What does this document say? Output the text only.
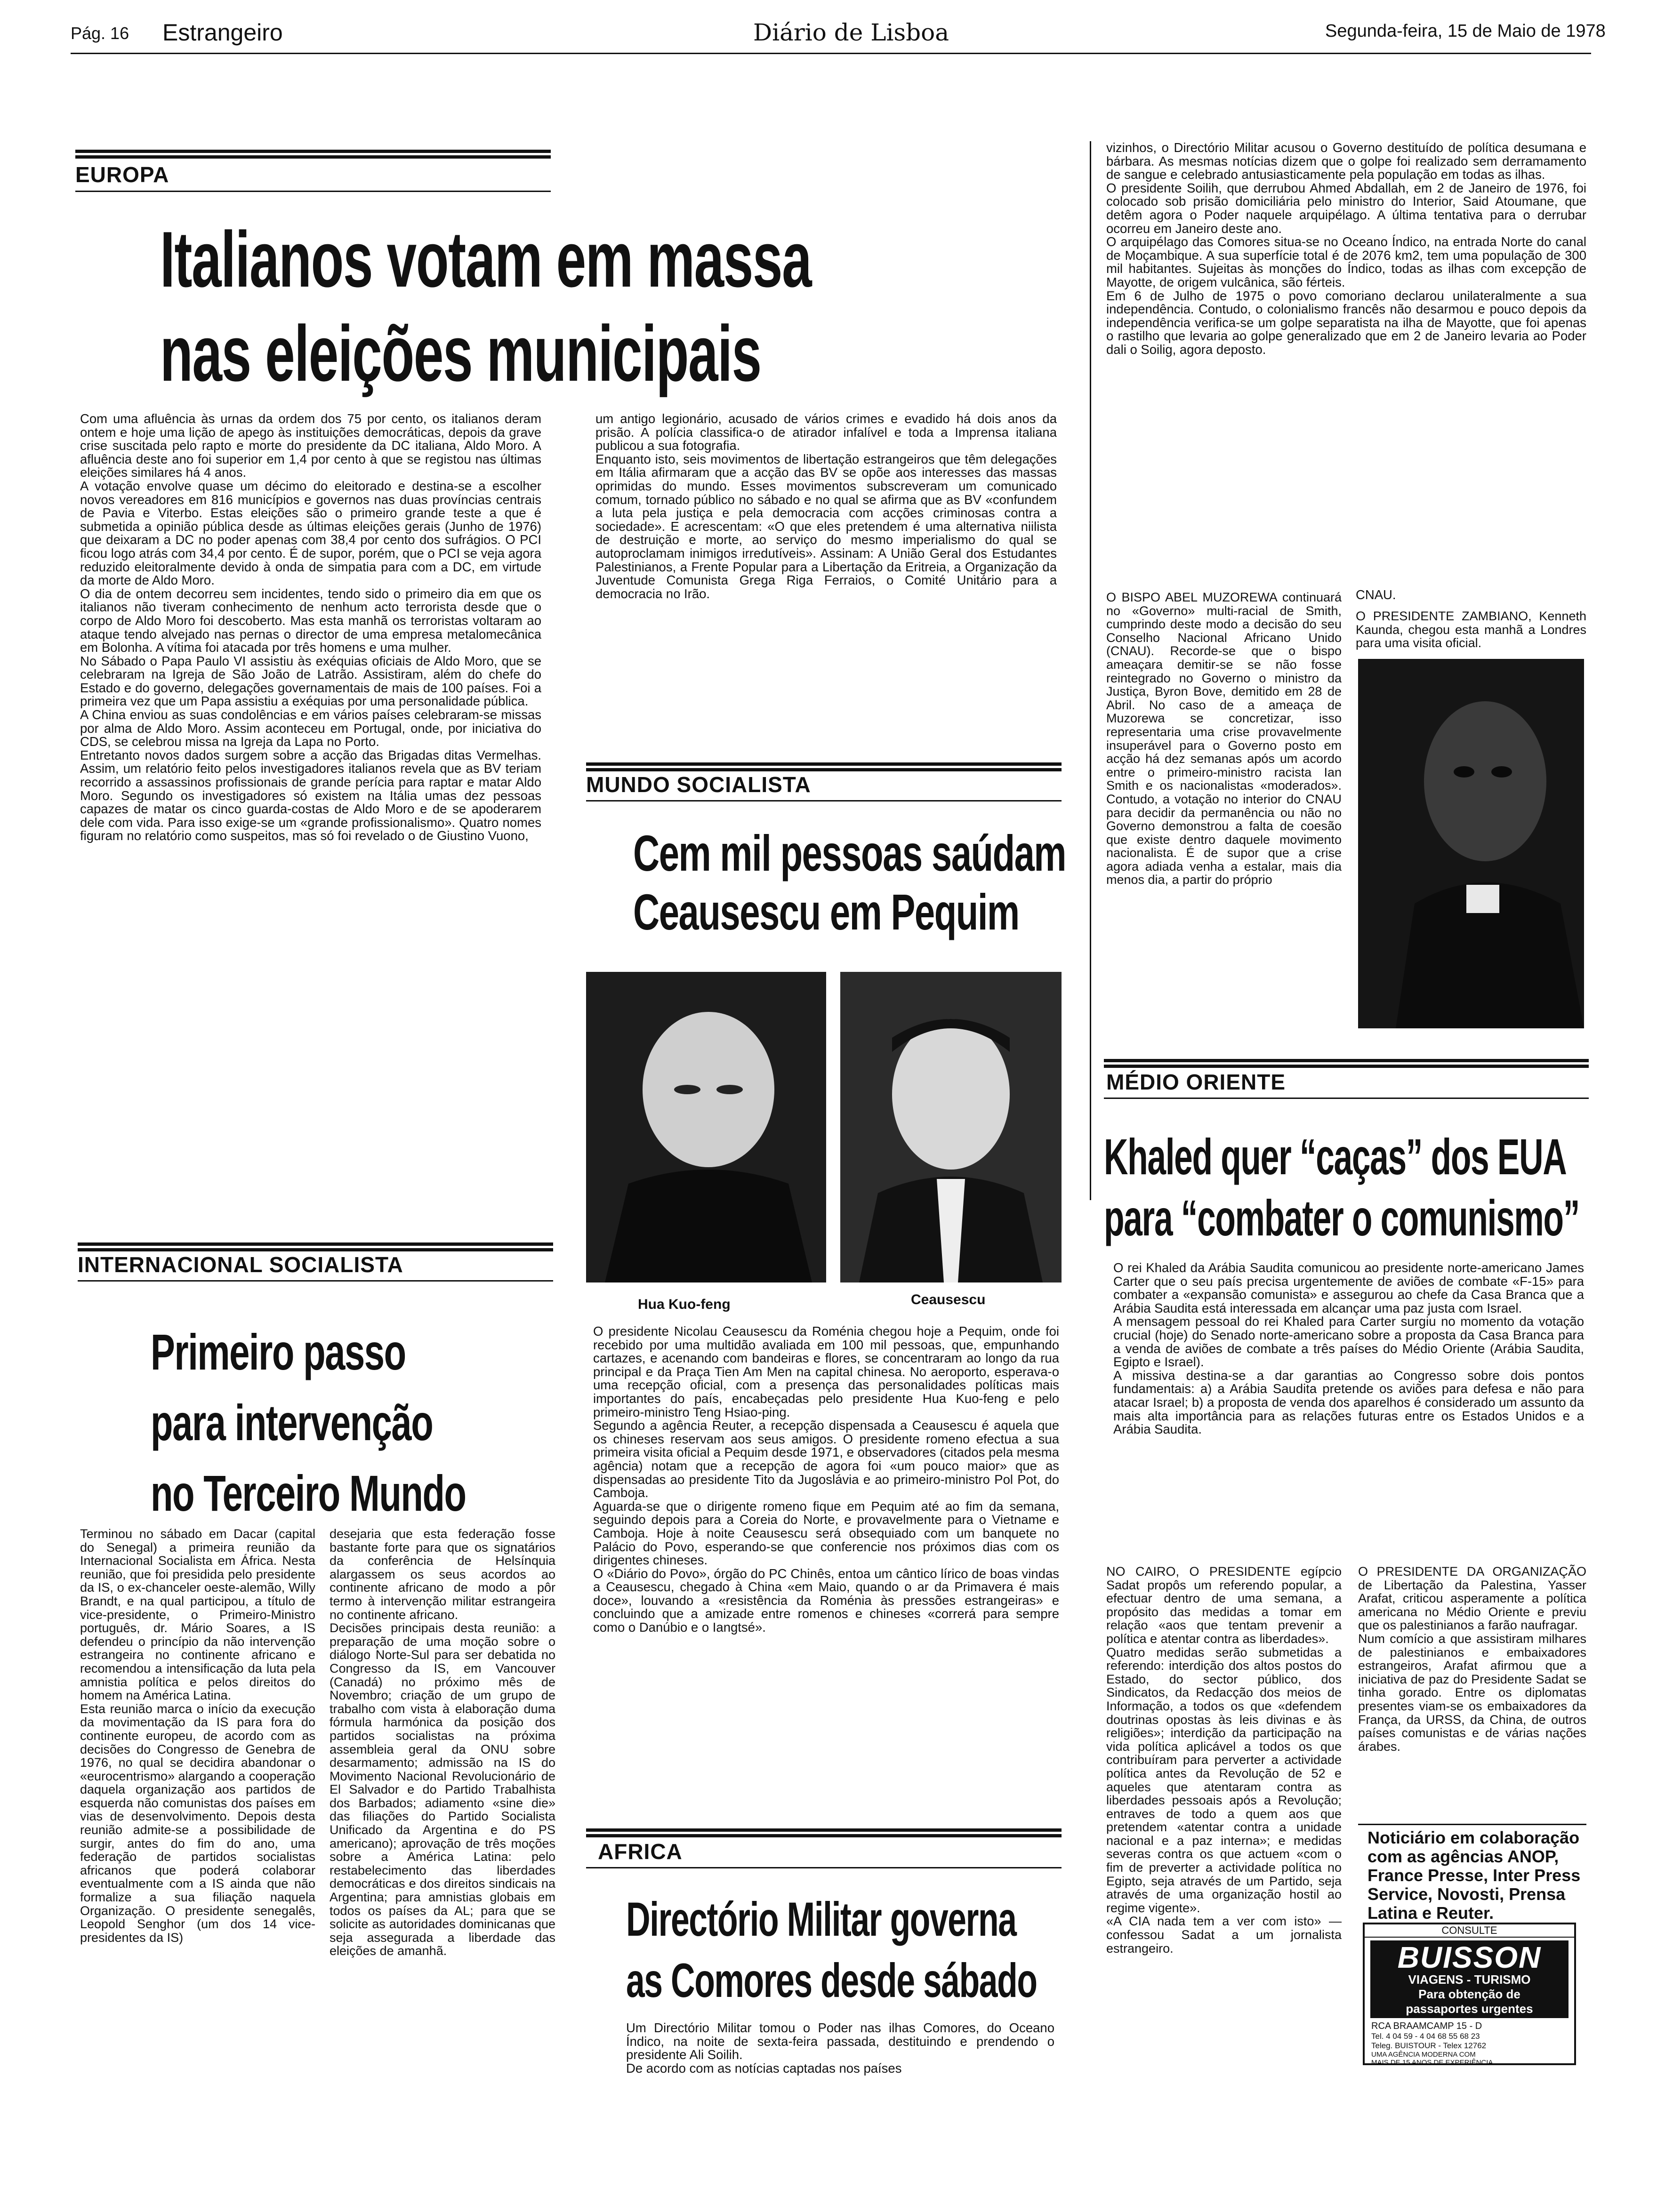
Pág. 16 Estrangeiro	Diário de Lisboa	Segunda-feira, 15 de Maio de 1978
EUROPA
Italianos votam em massa
nas eleições municipais

Com uma afluência às urnas da ordem dos 75 por cento, os italianos deram ontem e hoje uma lição de apego às instituições democráticas, depois da grave crise suscitada pelo rapto e morte do presidente da DC italiana, Aldo Moro. A afluência deste ano foi superior em 1,4 por cento à que se registou nas últimas eleições similares há 4 anos.
A votação envolve quase um décimo do eleitorado e destina-se a escolher novos vereadores em 816 municípios e governos nas duas províncias centrais de Pavia e Viterbo. Estas eleições são o primeiro grande teste a que é submetida a opinião pública desde as últimas eleições gerais (Junho de 1976) que deixaram a DC no poder apenas com 38,4 por cento dos sufrágios. O PCI ficou logo atrás com 34,4 por cento. É de supor, porém, que o PCI se veja agora reduzido eleitoralmente devido à onda de simpatia para com a DC, em virtude da morte de Aldo Moro.
O dia de ontem decorreu sem incidentes, tendo sido o primeiro dia em que os italianos não tiveram conhecimento de nenhum acto terrorista desde que o corpo de Aldo Moro foi descoberto. Mas esta manhã os terroristas voltaram ao ataque tendo alvejado nas pernas o director de uma empresa metalomecânica em Bolonha. A vítima foi atacada por três homens e uma mulher.
No Sábado o Papa Paulo VI assistiu às exéquias oficiais de Aldo Moro, que se celebraram na Igreja de São João de Latrão. Assistiram, além do chefe do Estado e do governo, delegações governamentais de mais de 100 países. Foi a primeira vez que um Papa assistiu a exéquias por uma personalidade pública.
A China enviou as suas condolências e em vários países celebraram-se missas por alma de Aldo Moro. Assim aconteceu em Portugal, onde, por iniciativa do CDS, se celebrou missa na Igreja da Lapa no Porto.
Entretanto novos dados surgem sobre a acção das Brigadas ditas Vermelhas. Assim, um relatório feito pelos investigadores italianos revela que as BV teriam recorrido a assassinos profissionais de grande perícia para raptar e matar Aldo Moro. Segundo os investigadores só existem na Itália umas dez pessoas capazes de matar os cinco guarda-costas de Aldo Moro e de se apoderarem dele com vida. Para isso exige-se um «grande profissionalismo». Quatro nomes figuram no relatório como suspeitos, mas só foi revelado o de Giustino Vuono,

um antigo legionário, acusado de vários crimes e evadido há dois anos da prisão. A polícia classifica-o de atirador infalível e toda a Imprensa italiana publicou a sua fotografia.
Enquanto isto, seis movimentos de libertação estrangeiros que têm delegações em Itália afirmaram que a acção das BV se opõe aos interesses das massas oprimidas do mundo. Esses movimentos subscreveram um comunicado comum, tornado público no sábado e no qual se afirma que as BV «confundem a luta pela justiça e pela democracia com acções criminosas contra a sociedade». E acrescentam: «O que eles pretendem é uma alternativa niilista de destruição e morte, ao serviço do mesmo imperialismo do qual se autoproclamam inimigos irredutíveis». Assinam: A União Geral dos Estudantes Palestinianos, a Frente Popular para a Libertação da Eritreia, a Organização da Juventude Comunista Grega Riga Ferraios, o Comité Unitário para a democracia no Irão.

vizinhos, o Directório Militar acusou o Governo destituído de política desumana e bárbara. As mesmas notícias dizem que o golpe foi realizado sem derramamento de sangue e celebrado antusiasticamente pela população em todas as ilhas.
O presidente Soilih, que derrubou Ahmed Abdallah, em 2 de Janeiro de 1976, foi colocado sob prisão domiciliária pelo ministro do Interior, Said Atoumane, que detêm agora o Poder naquele arquipélago. A última tentativa para o derrubar ocorreu em Janeiro deste ano.
O arquipélago das Comores situa-se no Oceano Índico, na entrada Norte do canal de Moçambique. A sua superfície total é de 2076 km2, tem uma população de 300 mil habitantes. Sujeitas às monções do Índico, todas as ilhas com excepção de Mayotte, de origem vulcânica, são férteis.
Em 6 de Julho de 1975 o povo comoriano declarou unilateralmente a sua independência. Contudo, o colonialismo francês não desarmou e pouco depois da independência verifica-se um golpe separatista na ilha de Mayotte, que foi apenas o rastilho que levaria ao golpe generalizado que em 2 de Janeiro levaria ao Poder dali o Soilig, agora deposto.

O BISPO ABEL MUZOREWA continuará no «Governo» multi-racial de Smith, cumprindo deste modo a decisão do seu Conselho Nacional Africano Unido (CNAU). Recorde-se que o bispo ameaçara demitir-se se não fosse reintegrado no Governo o ministro da Justiça, Byron Bove, demitido em 28 de Abril. No caso de a ameaça de Muzorewa se concretizar, isso representaria uma crise provavelmente insuperável para o Governo posto em acção há dez semanas após um acordo entre o primeiro-ministro racista Ian Smith e os nacionalistas «moderados». Contudo, a votação no interior do CNAU para decidir da permanência ou não no Governo demonstrou a falta de coesão que existe dentro daquele movimento nacionalista. É de supor que a crise agora adiada venha a estalar, mais dia menos dia, a partir do próprio

CNAU.

O PRESIDENTE ZAMBIANO, Kenneth Kaunda, chegou esta manhã a Londres para uma visita oficial.

MUNDO SOCIALISTA
Cem mil pessoas saúdam
Ceausescu em Pequim
Hua Kuo-feng	Ceausescu

O presidente Nicolau Ceausescu da Roménia chegou hoje a Pequim, onde foi recebido por uma multidão avaliada em 100 mil pessoas, que, empunhando cartazes, e acenando com bandeiras e flores, se concentraram ao longo da rua principal e da Praça Tien Am Men na capital chinesa. No aeroporto, esperava-o uma recepção oficial, com a presença das personalidades políticas mais importantes do país, encabeçadas pelo presidente Hua Kuo-feng e pelo primeiro-ministro Teng Hsiao-ping.
Segundo a agência Reuter, a recepção dispensada a Ceausescu é aquela que os chineses reservam aos seus amigos. O presidente romeno efectua a sua primeira visita oficial a Pequim desde 1971, e observadores (citados pela mesma agência) notam que a recepção de agora foi «um pouco maior» que as dispensadas ao presidente Tito da Jugoslávia e ao primeiro-ministro Pol Pot, do Camboja.
Aguarda-se que o dirigente romeno fique em Pequim até ao fim da semana, seguindo depois para a Coreia do Norte, e provavelmente para o Vietname e Camboja. Hoje à noite Ceausescu será obsequiado com um banquete no Palácio do Povo, esperando-se que conferencie nos próximos dias com os dirigentes chineses.
O «Diário do Povo», órgão do PC Chinês, entoa um cântico lírico de boas vindas a Ceausescu, chegado à China «em Maio, quando o ar da Primavera é mais doce», louvando a «resistência da Roménia às pressões estrangeiras» e concluindo que a amizade entre romenos e chineses «correrá para sempre como o Danúbio e o Iangtsé».

INTERNACIONAL SOCIALISTA
Primeiro passo
para intervenção
no Terceiro Mundo

Terminou no sábado em Dacar (capital do Senegal) a primeira reunião da Internacional Socialista em África. Nesta reunião, que foi presidida pelo presidente da IS, o ex-chanceler oeste-alemão, Willy Brandt, e na qual participou, a título de vice-presidente, o Primeiro-Ministro português, dr. Mário Soares, a IS defendeu o princípio da não intervenção estrangeira no continente africano e recomendou a intensificação da luta pela amnistia política e pelos direitos do homem na América Latina.
Esta reunião marca o início da execução da movimentação da IS para fora do continente europeu, de acordo com as decisões do Congresso de Genebra de 1976, no qual se decidira abandonar o «eurocentrismo» alargando a cooperação daquela organização aos partidos de esquerda não comunistas dos países em vias de desenvolvimento. Depois desta reunião admite-se a possibilidade de surgir, antes do fim do ano, uma federação de partidos socialistas africanos que poderá colaborar eventualmente com a IS ainda que não formalize a sua filiação naquela Organização. O presidente senegalês, Leopold Senghor (um dos 14 vice-presidentes da IS)

desejaria que esta federação fosse bastante forte para que os signatários da conferência de Helsínquia alargassem os seus acordos ao continente africano de modo a pôr termo à intervenção militar estrangeira no continente africano.
Decisões principais desta reunião: a preparação de uma moção sobre o diálogo Norte-Sul para ser debatida no Congresso da IS, em Vancouver (Canadá) no próximo mês de Novembro; criação de um grupo de trabalho com vista à elaboração duma fórmula harmónica da posição dos partidos socialistas na próxima assembleia geral da ONU sobre desarmamento; admissão na IS do Movimento Nacional Revolucionário de El Salvador e do Partido Trabalhista dos Barbados; adiamento «sine die» das filiações do Partido Socialista Unificado da Argentina e do PS americano); aprovação de três moções sobre a América Latina: pelo restabelecimento das liberdades democráticas e dos direitos sindicais na Argentina; para amnistias globais em todos os países da AL; para que se solicite as autoridades dominicanas que seja assegurada a liberdade das eleições de amanhã.

MÉDIO ORIENTE
Khaled quer “caças” dos EUA
para “combater o comunismo”

O rei Khaled da Arábia Saudita comunicou ao presidente norte-americano James Carter que o seu país precisa urgentemente de aviões de combate «F-15» para combater a «expansão comunista» e assegurou ao chefe da Casa Branca que a Arábia Saudita está interessada em alcançar uma paz justa com Israel.
A mensagem pessoal do rei Khaled para Carter surgiu no momento da votação crucial (hoje) do Senado norte-americano sobre a proposta da Casa Branca para a venda de aviões de combate a três países do Médio Oriente (Arábia Saudita, Egipto e Israel).
A missiva destina-se a dar garantias ao Congresso sobre dois pontos fundamentais: a) a Arábia Saudita pretende os aviões para defesa e não para atacar Israel; b) a proposta de venda dos aparelhos é considerado um assunto da mais alta importância para as relações futuras entre os Estados Unidos e a Arábia Saudita.

NO CAIRO, O PRESIDENTE egípcio Sadat propôs um referendo popular, a efectuar dentro de uma semana, a propósito das medidas a tomar em relação «aos que tentam prevenir a política e atentar contra as liberdades».
Quatro medidas serão submetidas a referendo: interdição dos altos postos do Estado, do sector público, dos Sindicatos, da Redacção dos meios de Informação, a todos os que «defendem doutrinas opostas às leis divinas e às religiões»; interdição da participação na vida política aplicável a todos os que contribuíram para perverter a actividade política antes da Revolução de 52 e aqueles que atentaram contra as liberdades pessoais após a Revolução; entraves de todo a quem aos que pretendem «atentar contra a unidade nacional e a paz interna»; e medidas severas contra os que actuem «com o fim de preverter a actividade política no Egipto, seja através de um Partido, seja através de uma organização hostil ao regime vigente».
«A CIA nada tem a ver com isto» — confessou Sadat a um jornalista estrangeiro.

O PRESIDENTE DA ORGANIZAÇÃO de Libertação da Palestina, Yasser Arafat, criticou asperamente a política americana no Médio Oriente e previu que os palestinianos a farão naufragar.
Num comício a que assistiram milhares de palestinianos e embaixadores estrangeiros, Arafat afirmou que a iniciativa de paz do Presidente Sadat se tinha gorado. Entre os diplomatas presentes viam-se os embaixadores da França, da URSS, da China, de outros países comunistas e de várias nações árabes.

Noticiário em colaboração com as agências ANOP, France Presse, Inter Press Service, Novosti, Prensa Latina e Reuter.

CONSULTE
BUISSON
VIAGENS - TURISMO
Para obtenção de
passaportes urgentes
RCA BRAAMCAMP 15 - D
Tel. 4 04 59 - 4 04 68 55 68 23
Teleg. BUISTOUR - Telex 12762
UMA AGÊNCIA MODERNA COM
MAIS DE 15 ANOS DE EXPERIÊNCIA
AFRICA
Directório Militar governa
as Comores desde sábado

Um Directório Militar tomou o Poder nas ilhas Comores, do Oceano Índico, na noite de sexta-feira passada, destituindo e prendendo o presidente Ali Soilih.
De acordo com as notícias captadas nos países
